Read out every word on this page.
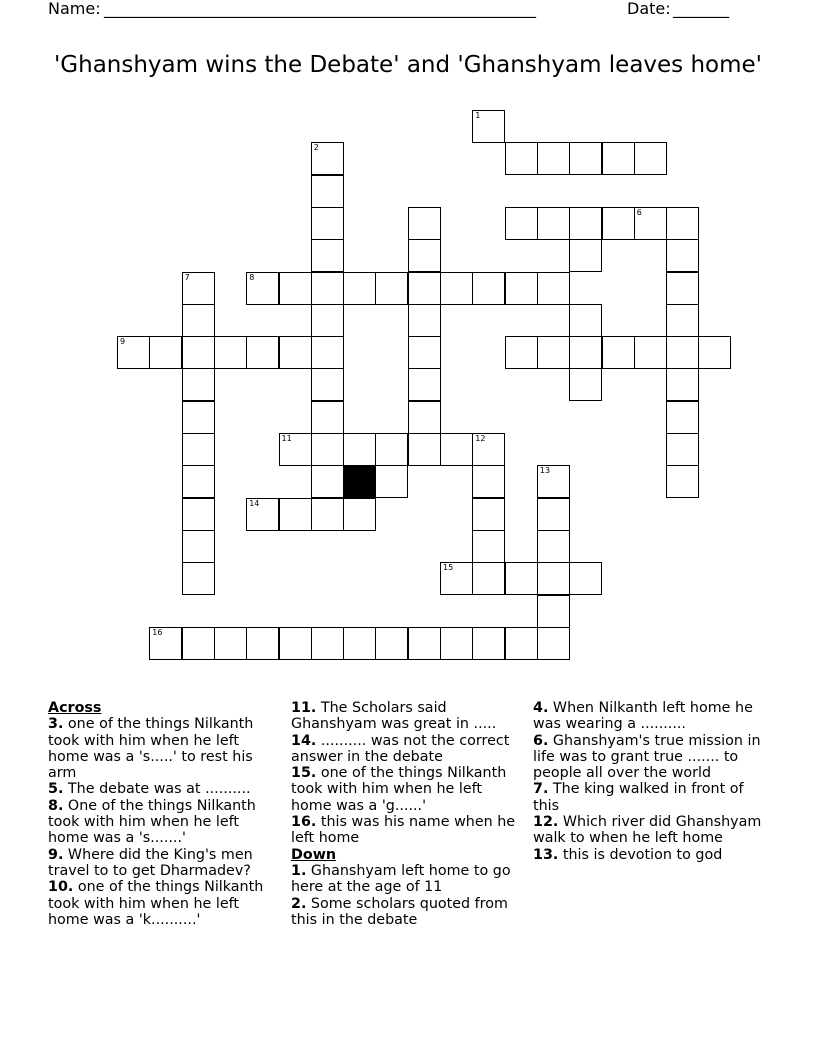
Name: ______________________________________________________	Date: _______
'Ghanshyam wins the Debate' and 'Ghanshyam leaves home'
1
2
6
7	8
9
11	12
13
14
15
16
Across
3. one of the things Nilkanth took with him when he left home was a 's.....' to rest his arm
5. The debate was at ..........
8. One of the things Nilkanth took with him when he left home was a 's.......'
9. Where did the King's men travel to to get Dharmadev?
10. one of the things Nilkanth took with him when he left home was a 'k..........'
11. The Scholars said Ghanshyam was great in .....
14. .......... was not the correct answer in the debate
15. one of the things Nilkanth took with him when he left home was a 'g......'
16. this was his name when he left home
Down
1. Ghanshyam left home to go here at the age of 11
2. Some scholars quoted from this in the debate
4. When Nilkanth left home he was wearing a ..........
6. Ghanshyam's true mission in life was to grant true ....... to people all over the world
7. The king walked in front of this
12. Which river did Ghanshyam walk to when he left home
13. this is devotion to god
